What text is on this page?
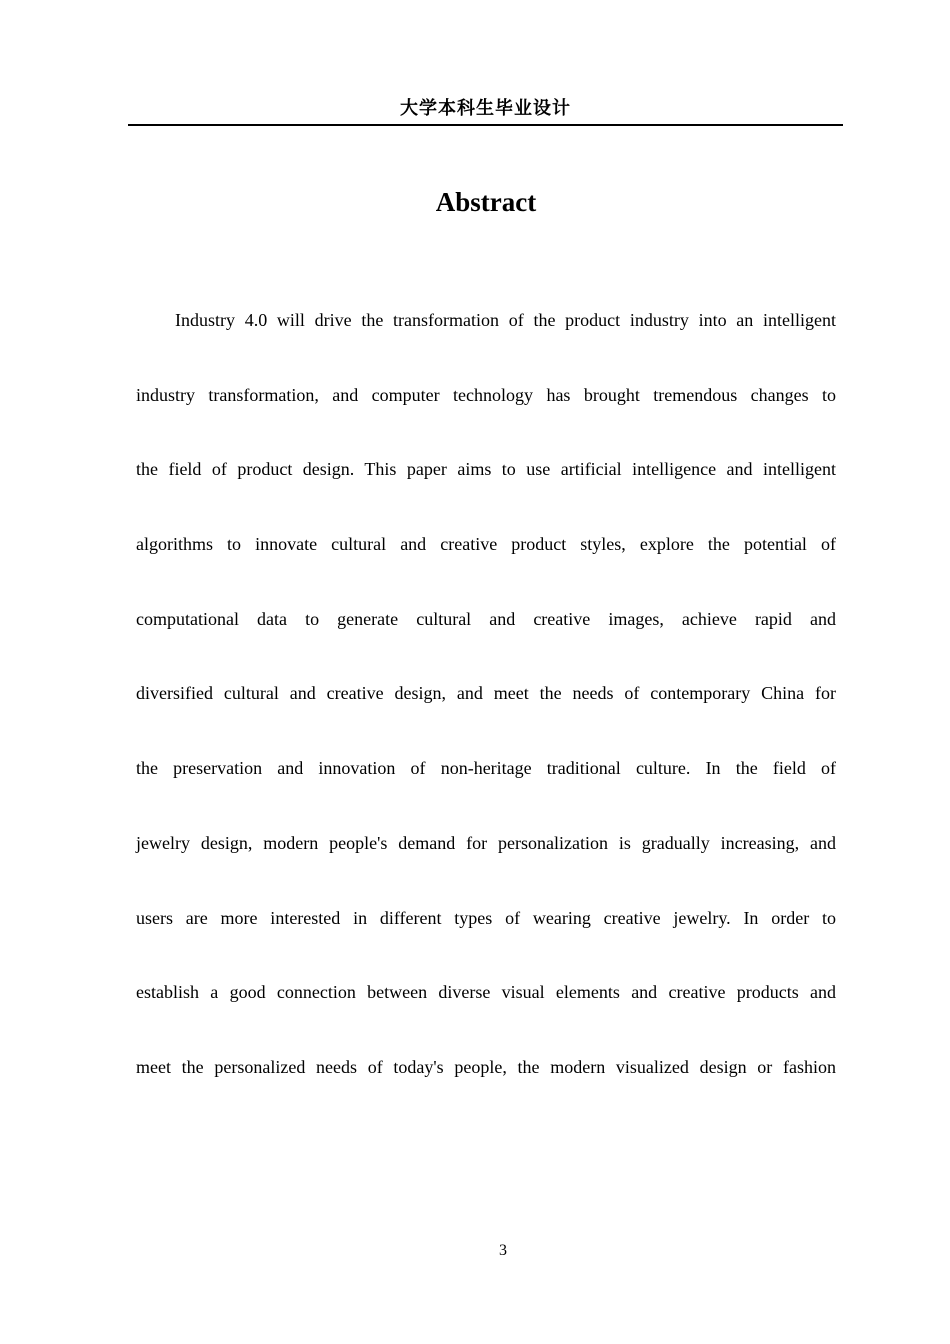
大学本科生毕业设计
Abstract
Industry 4.0 will drive the transformation of the product industry into an intelligent
industry transformation, and computer technology has brought tremendous changes to
the field of product design. This paper aims to use artificial intelligence and intelligent
algorithms to innovate cultural and creative product styles, explore the potential of
computational data to generate cultural and creative images, achieve rapid and
diversified cultural and creative design, and meet the needs of contemporary China for
the preservation and innovation of non-heritage traditional culture. In the field of
jewelry design, modern people's demand for personalization is gradually increasing, and
users are more interested in different types of wearing creative jewelry. In order to
establish a good connection between diverse visual elements and creative products and
meet the personalized needs of today's people, the modern visualized design or fashion
3
